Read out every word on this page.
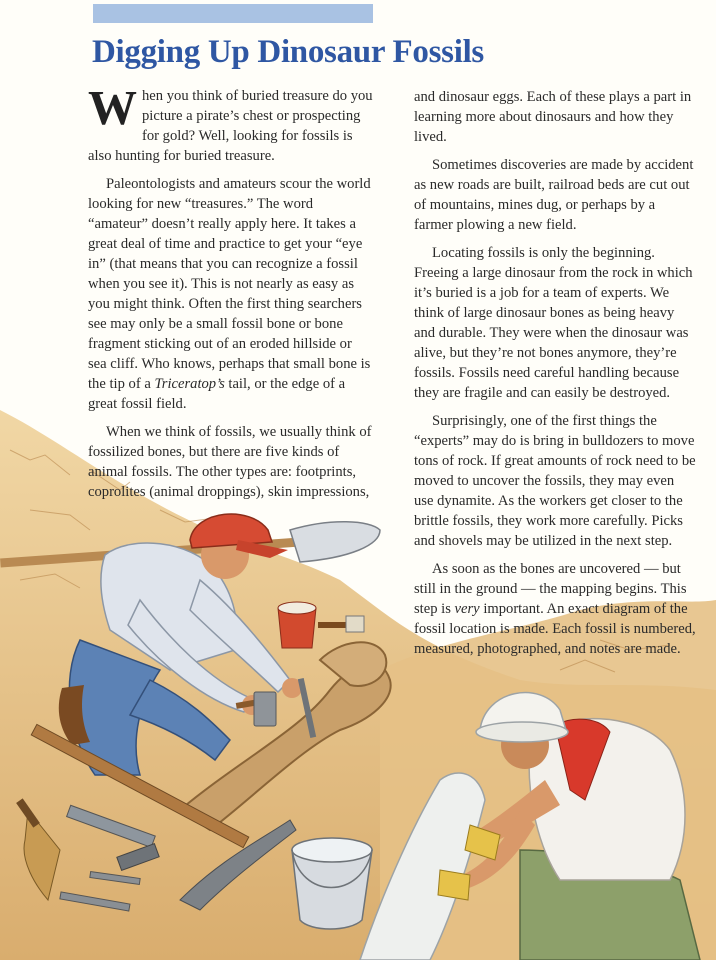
Digging Up Dinosaur Fossils

When you think of buried treasure do you picture a pirate’s chest or prospecting for gold? Well, looking for fossils is also hunting for buried treasure.

Paleontologists and amateurs scour the world looking for new “treasures.” The word “amateur” doesn’t really apply here. It takes a great deal of time and practice to get your “eye in” (that means that you can recognize a fossil when you see it). This is not nearly as easy as you might think. Often the first thing searchers see may only be a small fossil bone or bone fragment sticking out of an eroded hillside or sea cliff. Who knows, perhaps that small bone is the tip of a Triceratop’s tail, or the edge of a great fossil field.

When we think of fossils, we usually think of fossilized bones, but there are five kinds of animal fossils. The other types are: footprints, coprolites (animal droppings), skin impressions,

and dinosaur eggs. Each of these plays a part in learning more about dinosaurs and how they lived.

Sometimes discoveries are made by accident as new roads are built, railroad beds are cut out of mountains, mines dug, or perhaps by a farmer plowing a new field.

Locating fossils is only the beginning. Freeing a large dinosaur from the rock in which it’s buried is a job for a team of experts. We think of large dinosaur bones as being heavy and durable. They were when the dinosaur was alive, but they’re not bones anymore, they’re fossils. Fossils need careful handling because they are fragile and can easily be destroyed.

Surprisingly, one of the first things the “experts” may do is bring in bulldozers to move tons of rock. If great amounts of rock need to be moved to uncover the fossils, they may even use dynamite. As the workers get closer to the brittle fossils, they work more carefully. Picks and shovels may be utilized in the next step.

As soon as the bones are uncovered — but still in the ground — the mapping begins. This step is very important. An exact diagram of the fossil location is made. Each fossil is numbered, measured, photographed, and notes are made.
